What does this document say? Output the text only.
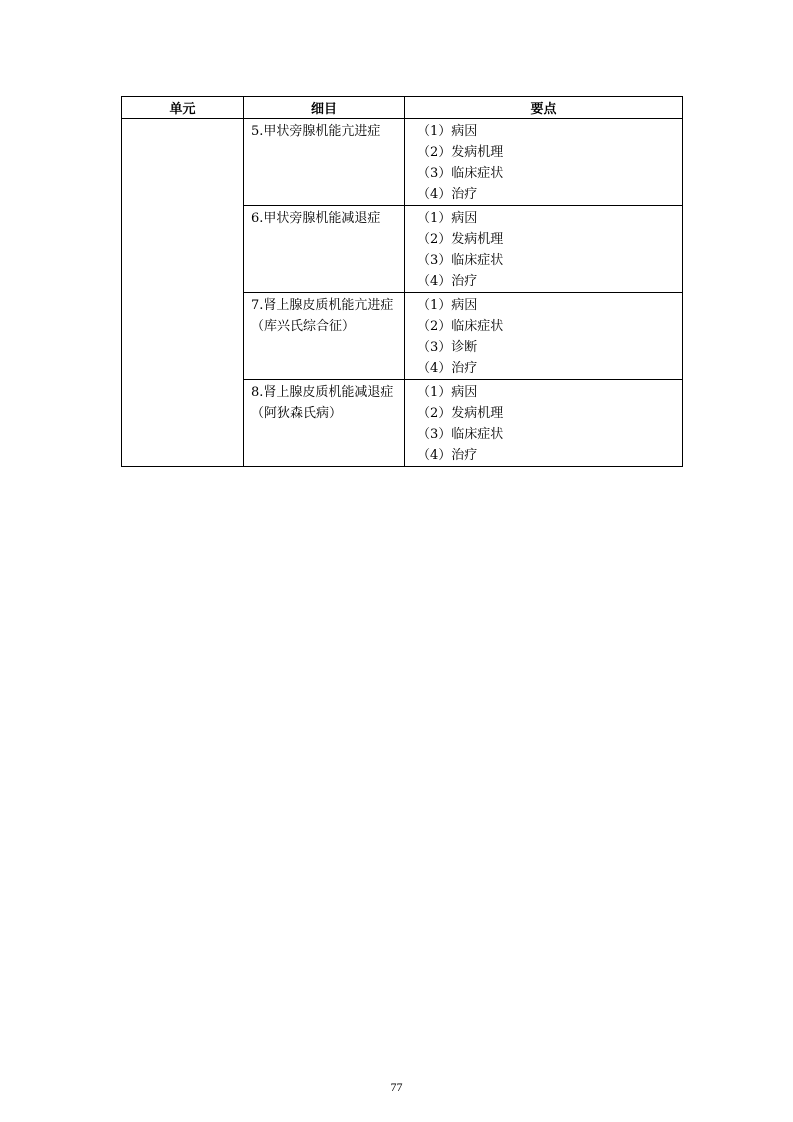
单元	细目	要点

	5.甲状旁腺机能亢进症	（1）病因
（2）发病机理
（3）临床症状
（4）治疗

	6.甲状旁腺机能减退症	（1）病因
（2）发病机理
（3）临床症状
（4）治疗

	7.肾上腺皮质机能亢进症（库兴氏综合征）	（1）病因
（2）临床症状
（3）诊断
（4）治疗

	8.肾上腺皮质机能减退症（阿狄森氏病）	（1）病因
（2）发病机理
（3）临床症状
（4）治疗
77
